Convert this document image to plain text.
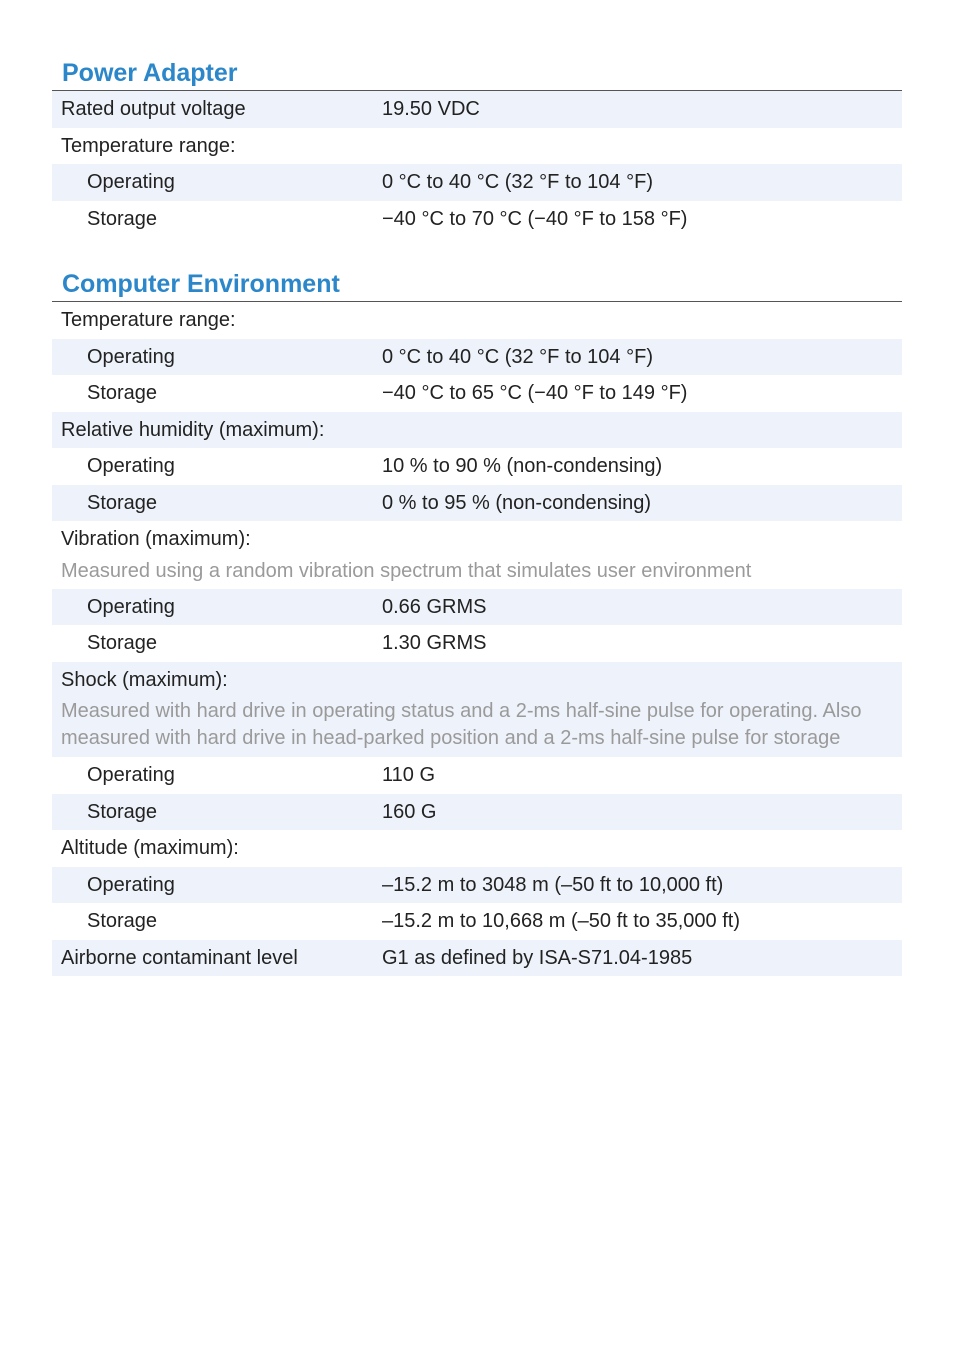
Power Adapter
Rated output voltage	19.50 VDC
Temperature range:
Operating	0 °C to 40 °C (32 °F to 104 °F)
Storage	−40 °C to 70 °C (−40 °F to 158 °F)
Computer Environment
Temperature range:
Operating	0 °C to 40 °C (32 °F to 104 °F)
Storage	−40 °C to 65 °C (−40 °F to 149 °F)
Relative humidity (maximum):
Operating	10 % to 90 % (non-condensing)
Storage	0 % to 95 % (non-condensing)
Vibration (maximum):
Measured using a random vibration spectrum that simulates user environment
Operating	0.66 GRMS
Storage	1.30 GRMS
Shock (maximum):
Measured with hard drive in operating status and a 2-ms half-sine pulse for operating. Also measured with hard drive in head-parked position and a 2-ms half-sine pulse for storage
Operating	110 G
Storage	160 G
Altitude (maximum):
Operating	–15.2 m to 3048 m (–50 ft to 10,000 ft)
Storage	–15.2 m to 10,668 m (–50 ft to 35,000 ft)
Airborne contaminant level	G1 as defined by ISA-S71.04-1985
